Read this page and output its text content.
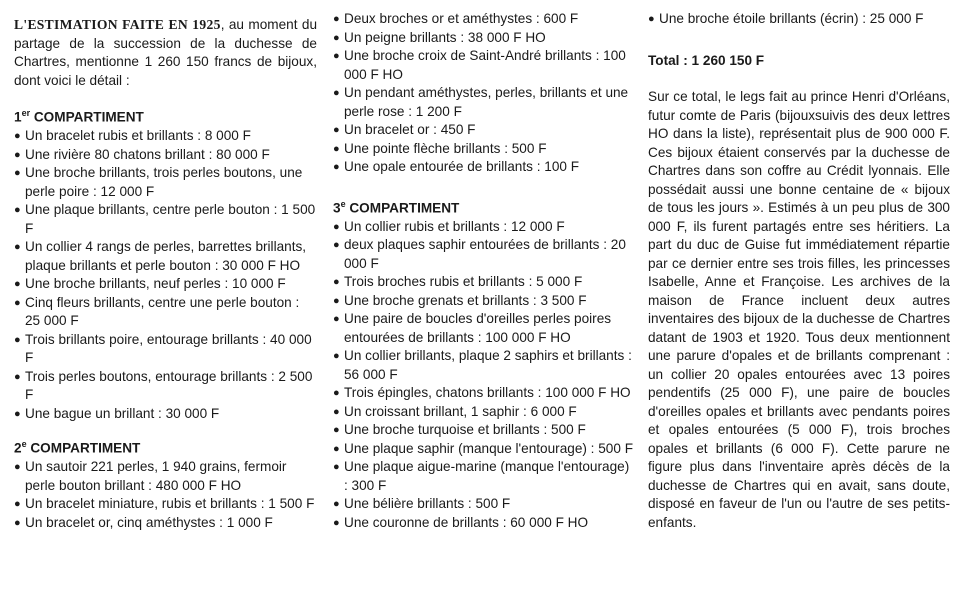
L'ESTIMATION FAITE EN 1925, au moment du partage de la succession de la duchesse de Chartres, mentionne 1 260 150 francs de bijoux, dont voici le détail :

1er COMPARTIMENT
● Un bracelet rubis et brillants : 8 000 F
● Une rivière 80 chatons brillant : 80 000 F
● Une broche brillants, trois perles boutons, une perle poire : 12 000 F
● Une plaque brillants, centre perle bouton : 1 500 F
● Un collier 4 rangs de perles, barrettes brillants, plaque brillants et perle bouton : 30 000 F HO
● Une broche brillants, neuf perles : 10 000 F
● Cinq fleurs brillants, centre une perle bouton : 25 000 F
● Trois brillants poire, entourage brillants : 40 000 F
● Trois perles boutons, entourage brillants : 2 500 F
● Une bague un brillant : 30 000 F
2e COMPARTIMENT
● Un sautoir 221 perles, 1 940 grains, fermoir perle bouton brillant : 480 000 F HO
● Un bracelet miniature, rubis et brillants : 1 500 F
● Un bracelet or, cinq améthystes : 1 000 F
● Deux broches or et améthystes : 600 F
● Un peigne brillants : 38 000 F HO
● Une broche croix de Saint-André brillants : 100 000 F HO
● Un pendant améthystes, perles, brillants et une perle rose : 1 200 F
● Un bracelet or : 450 F
● Une pointe flèche brillants : 500 F
● Une opale entourée de brillants : 100 F
3e COMPARTIMENT
● Un collier rubis et brillants : 12 000 F
● deux plaques saphir entourées de brillants : 20 000 F
● Trois broches rubis et brillants : 5 000 F
● Une broche grenats et brillants : 3 500 F
● Une paire de boucles d'oreilles perles poires entourées de brillants : 100 000 F HO
● Un collier brillants, plaque 2 saphirs et brillants : 56 000 F
● Trois épingles, chatons brillants : 100 000 F HO
● Un croissant brillant, 1 saphir : 6 000 F
● Une broche turquoise et brillants : 500 F
● Une plaque saphir (manque l'entourage) : 500 F
● Une plaque aigue-marine (manque l'entourage) : 300 F
● Une bélière brillants : 500 F
● Une couronne de brillants : 60 000 F HO
● Une broche étoile brillants (écrin) : 25 000 F
Total : 1 260 150 F
Sur ce total, le legs fait au prince Henri d'Orléans, futur comte de Paris (bijouxsuivis des deux lettres HO dans la liste), représentait plus de 900 000 F. Ces bijoux étaient conservés par la duchesse de Chartres dans son coffre au Crédit lyonnais. Elle possédait aussi une bonne centaine de « bijoux de tous les jours ». Estimés à un peu plus de 300 000 F, ils furent partagés entre ses héritiers. La part du duc de Guise fut immédiatement répartie par ce dernier entre ses trois filles, les princesses Isabelle, Anne et Françoise. Les archives de la maison de France incluent deux autres inventaires des bijoux de la duchesse de Chartres datant de 1903 et 1920. Tous deux mentionnent une parure d'opales et de brillants comprenant : un collier 20 opales entourées avec 13 poires pendentifs (25 000 F), une paire de boucles d'oreilles opales et brillants avec pendants poires et opales entourées (5 000 F), trois broches opales et brillants (6 000 F). Cette parure ne figure plus dans l'inventaire après décès de la duchesse de Chartres qui en avait, sans doute, disposé en faveur de l'un ou l'autre de ses petits-enfants.
